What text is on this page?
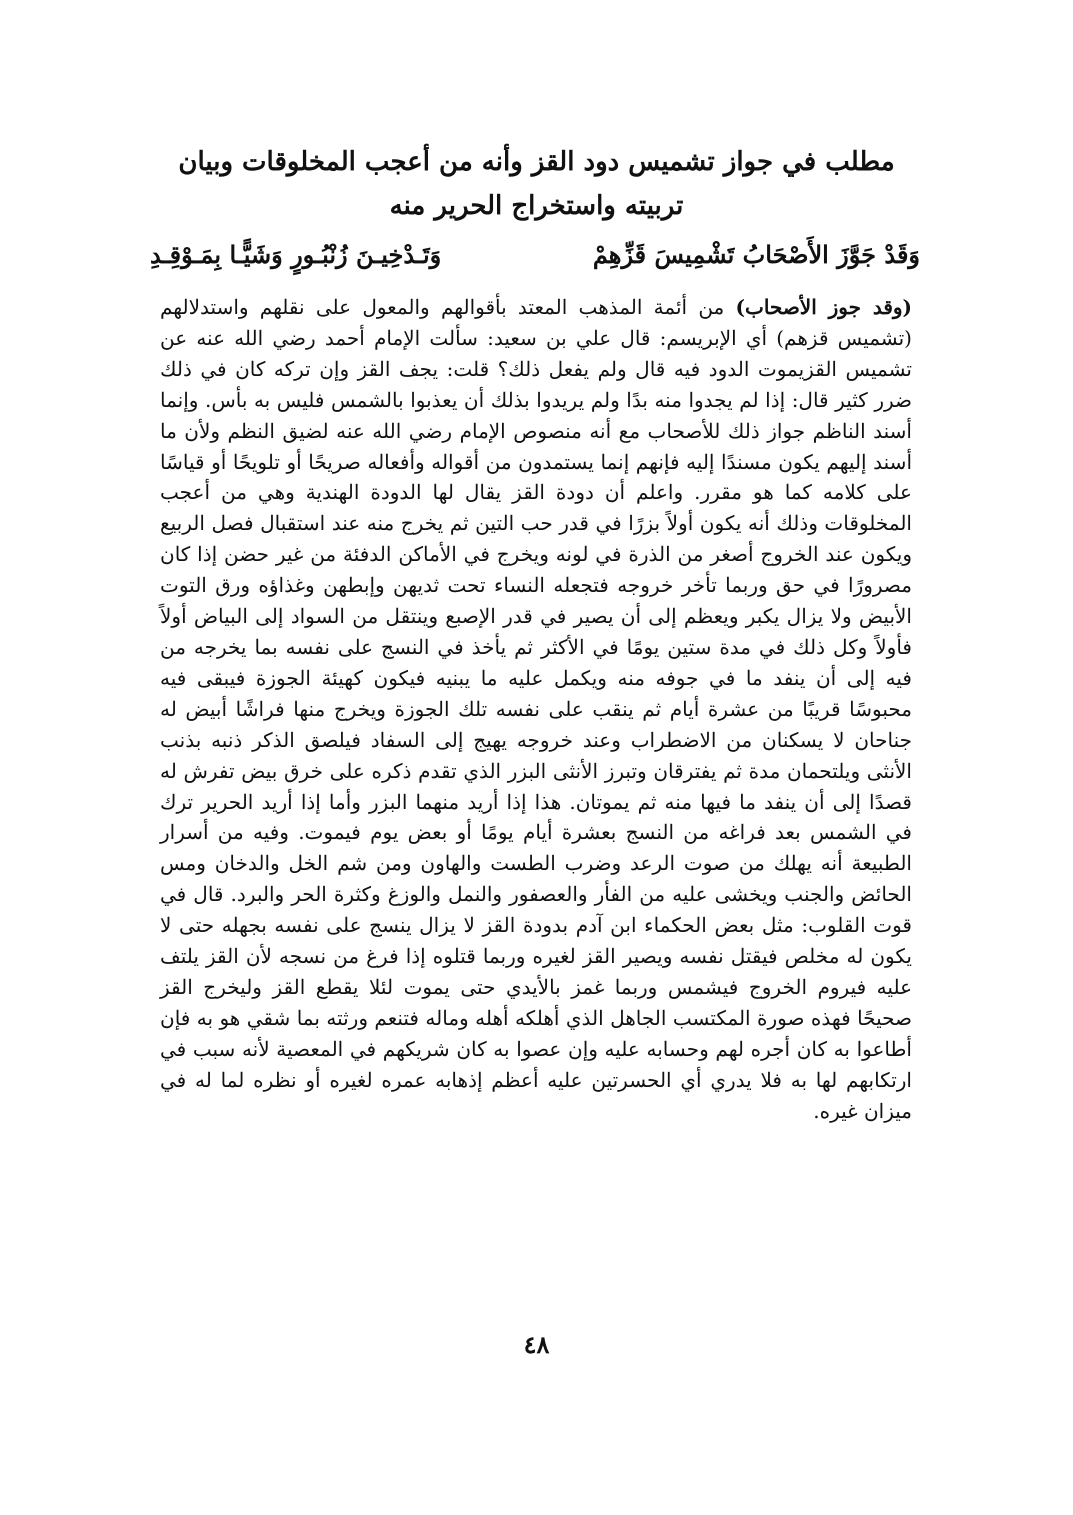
مطلب في جواز تشميس دود القز وأنه من أعجب المخلوقات وبيان
تربيته واستخراج الحرير منه
وَقَدْ جَوَّزَ الأَصْحَابُ تَشْمِيسَ قَزِّهِمْ
وَتَـدْخِيـنَ زُنْبُـورٍ وَشَيًّـا بِمَـوْقِـدِ

(وقد جوز الأصحاب) من أئمة المذهب المعتد بأقوالهم والمعول على نقلهم واستدلالهم (تشميس قزهم) أي الإبريسم: قال علي بن سعيد: سألت الإمام أحمد رضي الله عنه عن تشميس القزيموت الدود فيه قال ولم يفعل ذلك؟ قلت: يجف القز وإن تركه كان في ذلك ضرر كثير قال: إذا لم يجدوا منه بدًا ولم يريدوا بذلك أن يعذبوا بالشمس فليس به بأس. وإنما أسند الناظم جواز ذلك للأصحاب مع أنه منصوص الإمام رضي الله عنه لضيق النظم ولأن ما أسند إليهم يكون مسندًا إليه فإنهم إنما يستمدون من أقواله وأفعاله صريحًا أو تلويحًا أو قياسًا على كلامه كما هو مقرر. واعلم أن دودة القز يقال لها الدودة الهندية وهي من أعجب المخلوقات وذلك أنه يكون أولاً بزرًا في قدر حب التين ثم يخرج منه عند استقبال فصل الربيع ويكون عند الخروج أصغر من الذرة في لونه ويخرج في الأماكن الدفئة من غير حضن إذا كان مصرورًا في حق وربما تأخر خروجه فتجعله النساء تحت ثديهن وإبطهن وغذاؤه ورق التوت الأبيض ولا يزال يكبر ويعظم إلى أن يصير في قدر الإصبع وينتقل من السواد إلى البياض أولاً فأولاً وكل ذلك في مدة ستين يومًا في الأكثر ثم يأخذ في النسج على نفسه بما يخرجه من فيه إلى أن ينفد ما في جوفه منه ويكمل عليه ما يبنيه فيكون كهيئة الجوزة فيبقى فيه محبوسًا قريبًا من عشرة أيام ثم ينقب على نفسه تلك الجوزة ويخرج منها فراشًا أبيض له جناحان لا يسكنان من الاضطراب وعند خروجه يهيج إلى السفاد فيلصق الذكر ذنبه بذنب الأنثى ويلتحمان مدة ثم يفترقان وتبرز الأنثى البزر الذي تقدم ذكره على خرق بيض تفرش له قصدًا إلى أن ينفد ما فيها منه ثم يموتان. هذا إذا أريد منهما البزر وأما إذا أريد الحرير ترك في الشمس بعد فراغه من النسج بعشرة أيام يومًا أو بعض يوم فيموت. وفيه من أسرار الطبيعة أنه يهلك من صوت الرعد وضرب الطست والهاون ومن شم الخل والدخان ومس الحائض والجنب ويخشى عليه من الفأر والعصفور والنمل والوزغ وكثرة الحر والبرد. قال في قوت القلوب: مثل بعض الحكماء ابن آدم بدودة القز لا يزال ينسج على نفسه بجهله حتى لا يكون له مخلص فيقتل نفسه ويصير القز لغيره وربما قتلوه إذا فرغ من نسجه لأن القز يلتف عليه فيروم الخروج فيشمس وربما غمز بالأيدي حتى يموت لئلا يقطع القز وليخرج القز صحيحًا فهذه صورة المكتسب الجاهل الذي أهلكه أهله وماله فتنعم ورثته بما شقي هو به فإن أطاعوا به كان أجره لهم وحسابه عليه وإن عصوا به كان شريكهم في المعصية لأنه سبب في ارتكابهم لها به فلا يدري أي الحسرتين عليه أعظم إذهابه عمره لغيره أو نظره لما له في ميزان غيره.

٤٨
